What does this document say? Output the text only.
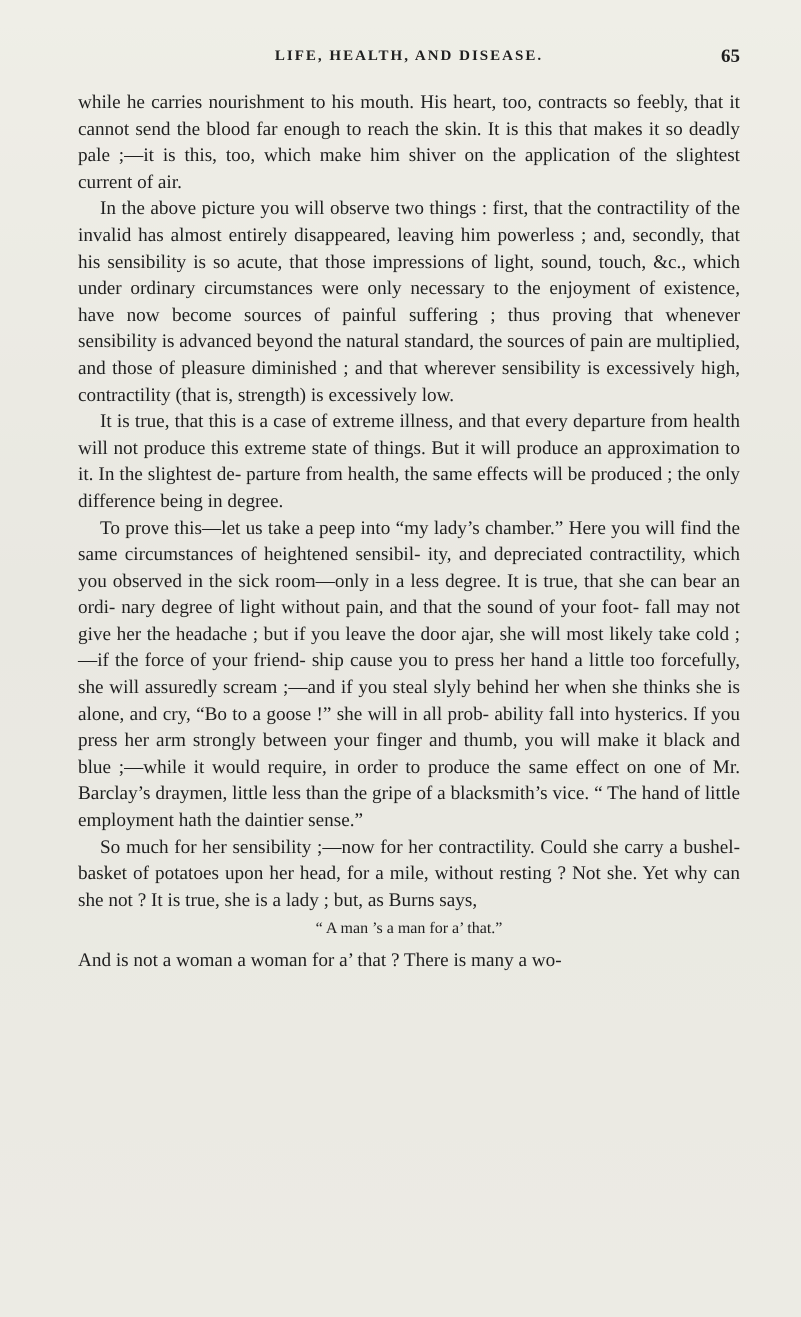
LIFE, HEALTH, AND DISEASE.	65

while he carries nourishment to his mouth. His heart, too, contracts so feebly, that it cannot send the blood far enough to reach the skin. It is this that makes it so deadly pale ;—it is this, too, which make him shiver on the application of the slightest current of air.

In the above picture you will observe two things : first, that the contractility of the invalid has almost entirely disappeared, leaving him powerless ; and, secondly, that his sensibility is so acute, that those impressions of light, sound, touch, &c., which under ordinary circumstances were only necessary to the enjoyment of existence, have now become sources of painful suffering ; thus proving that whenever sensibility is advanced beyond the natural standard, the sources of pain are multiplied, and those of pleasure diminished ; and that wherever sensibility is excessively high, contractility (that is, strength) is excessively low.

It is true, that this is a case of extreme illness, and that every departure from health will not produce this extreme state of things. But it will produce an approximation to it. In the slightest de- parture from health, the same effects will be produced ; the only difference being in degree.

To prove this—let us take a peep into “my lady’s chamber.” Here you will find the same circumstances of heightened sensibil- ity, and depreciated contractility, which you observed in the sick room—only in a less degree. It is true, that she can bear an ordi- nary degree of light without pain, and that the sound of your foot- fall may not give her the headache ; but if you leave the door ajar, she will most likely take cold ;—if the force of your friend- ship cause you to press her hand a little too forcefully, she will assuredly scream ;—and if you steal slyly behind her when she thinks she is alone, and cry, “Bo to a goose !” she will in all prob- ability fall into hysterics. If you press her arm strongly between your finger and thumb, you will make it black and blue ;—while it would require, in order to produce the same effect on one of Mr. Barclay’s draymen, little less than the gripe of a blacksmith’s vice. “ The hand of little employment hath the daintier sense.”

So much for her sensibility ;—now for her contractility. Could she carry a bushel-basket of potatoes upon her head, for a mile, without resting ? Not she. Yet why can she not ? It is true, she is a lady ; but, as Burns says,

“ A man ’s a man for a’ that.”

And is not a woman a woman for a’ that ? There is many a wo-
